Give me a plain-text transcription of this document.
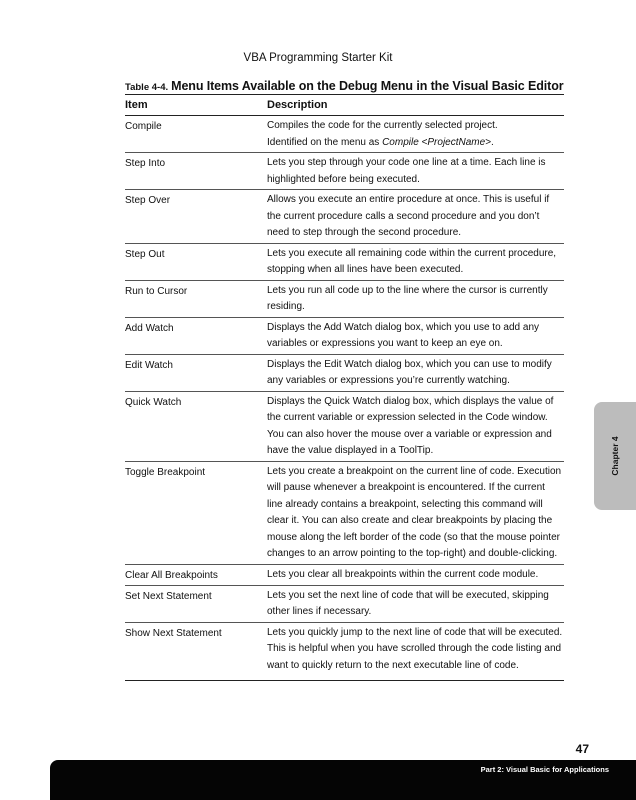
VBA Programming Starter Kit
Table 4-4. Menu Items Available on the Debug Menu in the Visual Basic Editor
Item	Description
Compile	Compiles the code for the currently selected project.
Identified on the menu as Compile <ProjectName>.
Step Into	Lets you step through your code one line at a time. Each line is highlighted before being executed.
Step Over	Allows you execute an entire procedure at once. This is useful if the current procedure calls a second procedure and you don’t need to step through the second procedure.
Step Out	Lets you execute all remaining code within the current procedure, stopping when all lines have been executed.
Run to Cursor	Lets you run all code up to the line where the cursor is currently residing.
Add Watch	Displays the Add Watch dialog box, which you use to add any variables or expressions you want to keep an eye on.
Edit Watch	Displays the Edit Watch dialog box, which you can use to modify any variables or expressions you’re currently watching.
Quick Watch	Displays the Quick Watch dialog box, which displays the value of the current variable or expression selected in the Code window. You can also hover the mouse over a variable or expression and have the value displayed in a ToolTip.
Toggle Breakpoint	Lets you create a breakpoint on the current line of code. Execution will pause whenever a breakpoint is encountered. If the current line already contains a breakpoint, selecting this command will clear it. You can also create and clear breakpoints by placing the mouse along the left border of the code (so that the mouse pointer changes to an arrow pointing to the top-right) and double-clicking.
Clear All Breakpoints	Lets you clear all breakpoints within the current code module.
Set Next Statement	Lets you set the next line of code that will be executed, skipping other lines if necessary.
Show Next Statement	Lets you quickly jump to the next line of code that will be executed. This is helpful when you have scrolled through the code listing and want to quickly return to the next executable line of code.
Chapter 4
47
Part 2: Visual Basic for Applications
